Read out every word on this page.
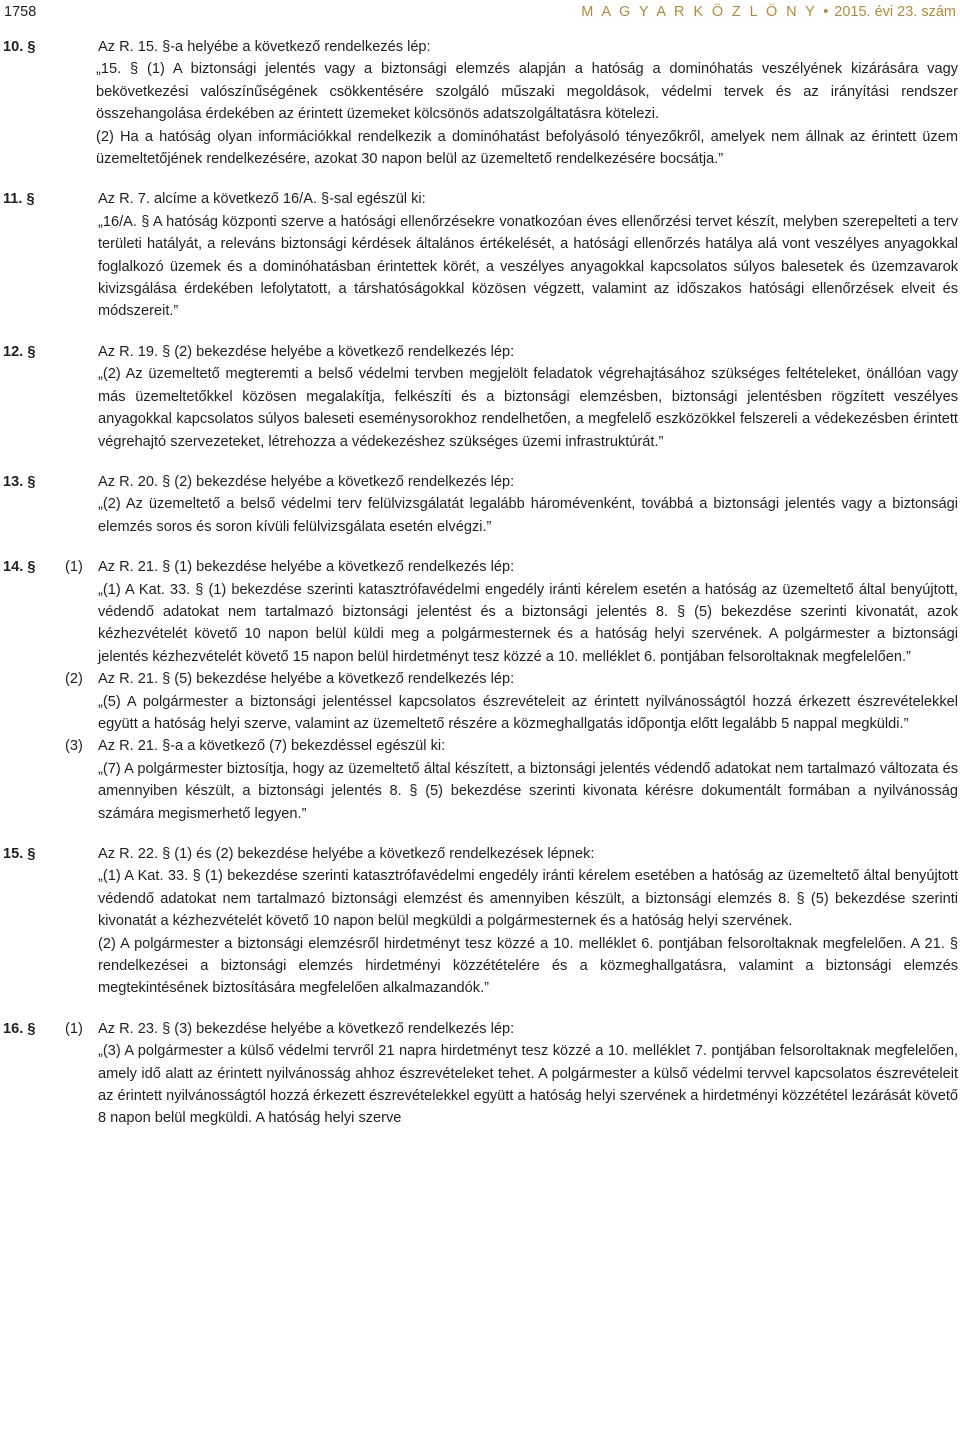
1758	M A G Y A R K Ö Z L Ö N Y • 2015. évi 23. szám
10. §	Az R. 15. §-a helyébe a következő rendelkezés lép:

„15. § (1) A biztonsági jelentés vagy a biztonsági elemzés alapján a hatóság a dominóhatás veszélyének kizárására vagy bekövetkezési valószínűségének csökkentésére szolgáló műszaki megoldások, védelmi tervek és az irányítási rendszer összehangolása érdekében az érintett üzemeket kölcsönös adatszolgáltatásra kötelezi.

(2) Ha a hatóság olyan információkkal rendelkezik a dominóhatást befolyásoló tényezőkről, amelyek nem állnak az érintett üzem üzemeltetőjének rendelkezésére, azokat 30 napon belül az üzemeltető rendelkezésére bocsátja.”

11. §	Az R. 7. alcíme a következő 16/A. §-sal egészül ki:

„16/A. § A hatóság központi szerve a hatósági ellenőrzésekre vonatkozóan éves ellenőrzési tervet készít, melyben szerepelteti a terv területi hatályát, a releváns biztonsági kérdések általános értékelését, a hatósági ellenőrzés hatálya alá vont veszélyes anyagokkal foglalkozó üzemek és a dominóhatásban érintettek körét, a veszélyes anyagokkal kapcsolatos súlyos balesetek és üzemzavarok kivizsgálása érdekében lefolytatott, a társhatóságokkal közösen végzett, valamint az időszakos hatósági ellenőrzések elveit és módszereit.”

12. §	Az R. 19. § (2) bekezdése helyébe a következő rendelkezés lép:

„(2) Az üzemeltető megteremti a belső védelmi tervben megjelölt feladatok végrehajtásához szükséges feltételeket, önállóan vagy más üzemeltetőkkel közösen megalakítja, felkészíti és a biztonsági elemzésben, biztonsági jelentésben rögzített veszélyes anyagokkal kapcsolatos súlyos baleseti eseménysorokhoz rendelhetően, a megfelelő eszközökkel felszereli a védekezésben érintett végrehajtó szervezeteket, létrehozza a védekezéshez szükséges üzemi infrastruktúrát.”

13. §	Az R. 20. § (2) bekezdése helyébe a következő rendelkezés lép:

„(2) Az üzemeltető a belső védelmi terv felülvizsgálatát legalább háromévenként, továbbá a biztonsági jelentés vagy a biztonsági elemzés soros és soron kívüli felülvizsgálata esetén elvégzi.”

14. § (1) Az R. 21. § (1) bekezdése helyébe a következő rendelkezés lép:

„(1) A Kat. 33. § (1) bekezdése szerinti katasztrófavédelmi engedély iránti kérelem esetén a hatóság az üzemeltető által benyújtott, védendő adatokat nem tartalmazó biztonsági jelentést és a biztonsági jelentés 8. § (5) bekezdése szerinti kivonatát, azok kézhezvételét követő 10 napon belül küldi meg a polgármesternek és a hatóság helyi szervének. A polgármester a biztonsági jelentés kézhezvételét követő 15 napon belül hirdetményt tesz közzé a 10. melléklet 6. pontjában felsoroltaknak megfelelően.”

(2) Az R. 21. § (5) bekezdése helyébe a következő rendelkezés lép:

„(5) A polgármester a biztonsági jelentéssel kapcsolatos észrevételeit az érintett nyilvánosságtól hozzá érkezett észrevételekkel együtt a hatóság helyi szerve, valamint az üzemeltető részére a közmeghallgatás időpontja előtt legalább 5 nappal megküldi.”

(3) Az R. 21. §-a a következő (7) bekezdéssel egészül ki:

„(7) A polgármester biztosítja, hogy az üzemeltető által készített, a biztonsági jelentés védendő adatokat nem tartalmazó változata és amennyiben készült, a biztonsági jelentés 8. § (5) bekezdése szerinti kivonata kérésre dokumentált formában a nyilvánosság számára megismerhető legyen.”

15. §	Az R. 22. § (1) és (2) bekezdése helyébe a következő rendelkezések lépnek:

„(1) A Kat. 33. § (1) bekezdése szerinti katasztrófavédelmi engedély iránti kérelem esetében a hatóság az üzemeltető által benyújtott védendő adatokat nem tartalmazó biztonsági elemzést és amennyiben készült, a biztonsági elemzés 8. § (5) bekezdése szerinti kivonatát a kézhezvételét követő 10 napon belül megküldi a polgármesternek és a hatóság helyi szervének.

(2) A polgármester a biztonsági elemzésről hirdetményt tesz közzé a 10. melléklet 6. pontjában felsoroltaknak megfelelően. A 21. § rendelkezései a biztonsági elemzés hirdetményi közzétételére és a közmeghallgatásra, valamint a biztonsági elemzés megtekintésének biztosítására megfelelően alkalmazandók.”

16. § (1) Az R. 23. § (3) bekezdése helyébe a következő rendelkezés lép:

„(3) A polgármester a külső védelmi tervről 21 napra hirdetményt tesz közzé a 10. melléklet 7. pontjában felsoroltaknak megfelelően, amely idő alatt az érintett nyilvánosság ahhoz észrevételeket tehet. A polgármester a külső védelmi tervvel kapcsolatos észrevételeit az érintett nyilvánosságtól hozzá érkezett észrevételekkel együtt a hatóság helyi szervének a hirdetményi közzététel lezárását követő 8 napon belül megküldi. A hatóság helyi szerve
